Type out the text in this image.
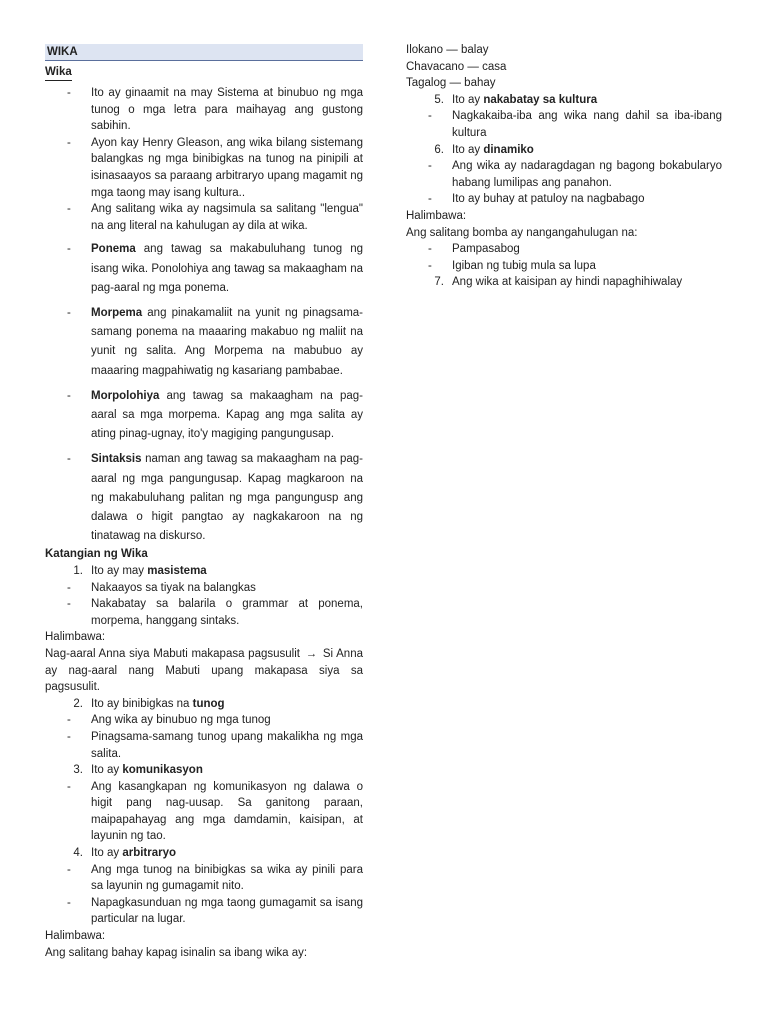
WIKA
Wika
-	Ito ay ginaamit na may Sistema at binubuo ng mga tunog o mga letra para maihayag ang gustong sabihin.
-	Ayon kay Henry Gleason, ang wika bilang sistemang balangkas ng mga binibigkas na tunog na pinipili at isinasaayos sa paraang arbitraryo upang magamit ng mga taong may isang kultura..
-	Ang salitang wika ay nagsimula sa salitang "lengua" na ang literal na kahulugan ay dila at wika.
-	Ponema ang tawag sa makabuluhang tunog ng isang wika. Ponolohiya ang tawag sa makaagham na pag-aaral ng mga ponema.
-	Morpema ang pinakamaliit na yunit ng pinagsama-samang ponema na maaaring makabuo ng maliit na yunit ng salita. Ang Morpema na mabubuo ay maaaring magpahiwatig ng kasariang pambabae.
-	Morpolohiya ang tawag sa makaagham na pag-aaral sa mga morpema. Kapag ang mga salita ay ating pinag-ugnay, ito'y magiging pangungusap.
-	Sintaksis naman ang tawag sa makaagham na pag-aaral ng mga pangungusap. Kapag magkaroon na ng makabuluhang palitan ng mga pangungusp ang dalawa o higit pangtao ay nagkakaroon na ng tinatawag na diskurso.
Katangian ng Wika
1. Ito ay may masistema
-	Nakaayos sa tiyak na balangkas
-	Nakabatay sa balarila o grammar at ponema, morpema, hanggang sintaks.
Halimbawa:
Nag-aaral Anna siya Mabuti makapasa pagsusulit → Si Anna ay nag-aaral nang Mabuti upang makapasa siya sa pagsusulit.
2. Ito ay binibigkas na tunog
-	Ang wika ay binubuo ng mga tunog
-	Pinagsama-samang tunog upang makalikha ng mga salita.
3. Ito ay komunikasyon
-	Ang kasangkapan ng komunikasyon ng dalawa o higit pang nag-uusap. Sa ganitong paraan, maipapahayag ang mga damdamin, kaisipan, at layunin ng tao.
4. Ito ay arbitraryo
-	Ang mga tunog na binibigkas sa wika ay pinili para sa layunin ng gumagamit nito.
-	Napagkasunduan ng mga taong gumagamit sa isang particular na lugar.
Halimbawa:
Ang salitang bahay kapag isinalin sa ibang wika ay:
Ilokano — balay
Chavacano — casa
Tagalog — bahay
5. Ito ay nakabatay sa kultura
-	Nagkakaiba-iba ang wika nang dahil sa iba-ibang kultura
6. Ito ay dinamiko
-	Ang wika ay nadaragdagan ng bagong bokabularyo habang lumilipas ang panahon.
-	Ito ay buhay at patuloy na nagbabago
Halimbawa:
Ang salitang bomba ay nangangahulugan na:
-	Pampasabog
-	Igiban ng tubig mula sa lupa
7. Ang wika at kaisipan ay hindi napaghihiwalay
